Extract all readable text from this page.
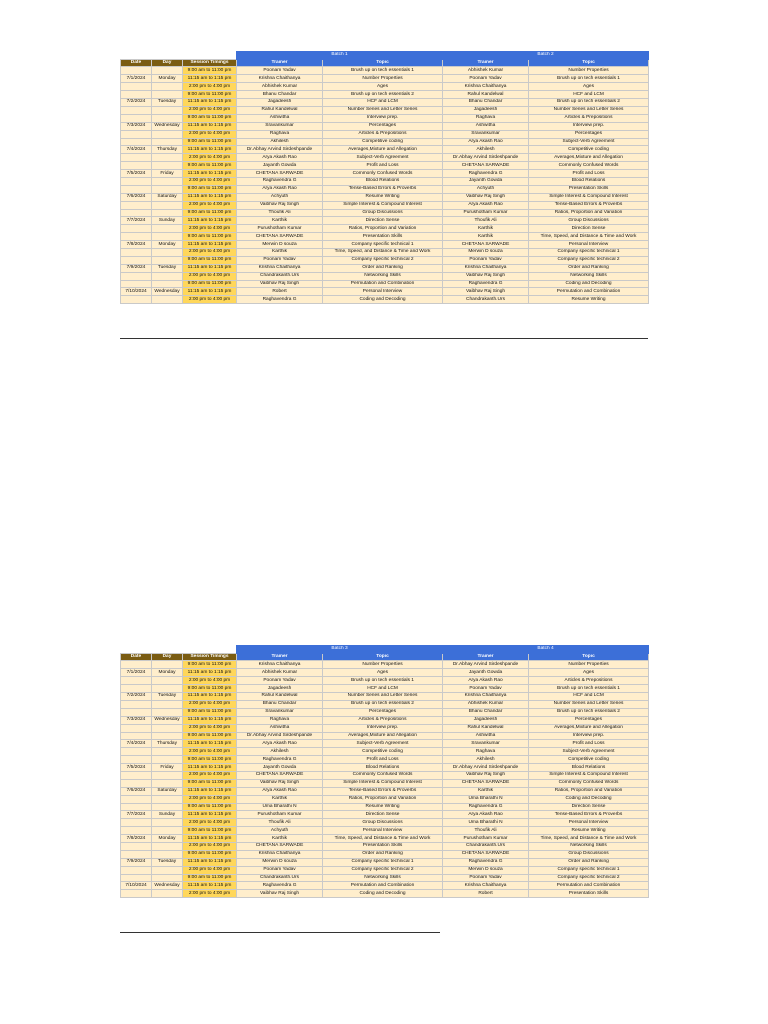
			Batch 1		Batch 2	
Date	Day	Session Timings	Trainer	Topic	Trainer	Topic
		9:00 am to 11:00 pm	Poonam Yadav	Brush up on tech essentials 1	Abhishek Kumar	Number Properties
7/1/2024	Monday	11:15 am to 1:15 pm	Krishna Chaithanya	Number Properties	Poonam Yadav	Brush up on tech essentials 1
		2:00 pm to 4:00 pm	Abhishek Kumar	Ages	Krishna Chaithanya	Ages
		9:00 am to 11:00 pm	Bhanu Chandar	Brush up on tech essentials 2	Rahul Kandelwal	HCF and LCM
7/2/2024	Tuesday	11:15 am to 1:15 pm	Jagadeesh	HCF and LCM	Bhanu Chandar	Brush up on tech essentials 2
		2:00 pm to 4:00 pm	Rahul Kandelwal	Number Series and Letter Series	Jagadeesh	Number Series and Letter Series
		9:00 am to 11:00 pm	Ashwitha	Interview prep.	Raghava	Articles & Prepositions
7/3/2024	Wednesday	11:15 am to 1:15 pm	Sravankumar	Percentages	Ashwitha	Interview prep.
		2:00 pm to 4:00 pm	Raghava	Articles & Prepositions	Sravankumar	Percentages
		9:00 am to 11:00 pm	Akhilesh	Competitive coding	Arya Akash Rao	Subject-Verb Agreement
7/4/2024	Thursday	11:15 am to 1:15 pm	Dr.Abhay Arvind Sirdeshpande	Averages,Mixture and Allegation	Akhilesh	Competitive coding
		2:00 pm to 4:00 pm	Arya Akash Rao	Subject-Verb Agreement	Dr.Abhay Arvind Sirdeshpande	Averages,Mixture and Allegation
		9:00 am to 11:00 pm	Jayanth Gowda	Profit and Loss	CHETANA SARWADE	Commonly Confused Words
7/5/2024	Friday	11:15 am to 1:15 pm	CHETANA SARWADE	Commonly Confused Words	Raghavendra G	Profit and Loss
		2:00 pm to 4:00 pm	Raghavendra G	Blood Relations	Jayanth Gowda	Blood Relations
		9:00 am to 11:00 pm	Arya Akash Rao	Tense-Based Errors & Proverbs	Achyuth	Presentation Skills
7/6/2024	Saturday	11:15 am to 1:15 pm	Achyuth	Resume Writing	Vaibhav Raj Singh	Simple Interest & Compound Interest
		2:00 pm to 4:00 pm	Vaibhav Raj Singh	Simple Interest & Compound Interest	Arya Akash Rao	Tense-Based Errors & Proverbs
		9:00 am to 11:00 pm	Thoufik Ali	Group Discussions	Purushotham Kumar	Ratios, Proportion and Variation
7/7/2024	Sunday	11:15 am to 1:15 pm	Karthik	Direction Sense	Thoufik Ali	Group Discussions
		2:00 pm to 4:00 pm	Purushotham Kumar	Ratios, Proportion and Variation	Karthik	Direction Sense
		9:00 am to 11:00 pm	CHETANA SARWADE	Presentation Skills	Karthik	Time, Speed, and Distance & Time and Work
7/8/2024	Monday	11:15 am to 1:15 pm	Merwin D souza	Company specific technical 1	CHETANA SARWADE	Personal Interview
		2:00 pm to 4:00 pm	Karthik	Time, Speed, and Distance & Time and Work	Merwin D souza	Company specific technical 1
		9:00 am to 11:00 pm	Poonam Yadav	Company specific technical 2	Poonam Yadav	Company specific technical 2
7/9/2024	Tuesday	11:15 am to 1:15 pm	Krishna Chaithanya	Order and Ranking	Krishna Chaithanya	Order and Ranking
		2:00 pm to 4:00 pm	Chandrakanth.Urs	Networking Skills	Vaibhav Raj Singh	Networking Skills
		9:00 am to 11:00 pm	Vaibhav Raj Singh	Permutation and Combination	Raghavendra G	Coding and Decoding
7/10/2024	Wednesday	11:15 am to 1:15 pm	Robert	Personal Interview	Vaibhav Raj Singh	Permutation and Combination
		2:00 pm to 4:00 pm	Raghavendra G	Coding and Decoding	Chandrakanth.Urs	Resume Writing
			Batch 3		Batch 4	
Date	Day	Session Timings	Trainer	Topic	Trainer	Topic
		9:00 am to 11:00 pm	Krishna Chaithanya	Number Properties	Dr.Abhay Arvind Sirdeshpande	Number Properties
7/1/2024	Monday	11:15 am to 1:15 pm	Abhishek Kumar	Ages	Jayanth Gowda	Ages
		2:00 pm to 4:00 pm	Poonam Yadav	Brush up on tech essentials 1	Arya Akash Rao	Articles & Prepositions
		9:00 am to 11:00 pm	Jagadeesh	HCF and LCM	Poonam Yadav	Brush up on tech essentials 1
7/2/2024	Tuesday	11:15 am to 1:15 pm	Rahul Kandelwal	Number Series and Letter Series	Krishna Chaithanya	HCF and LCM
		2:00 pm to 4:00 pm	Bhanu Chandar	Brush up on tech essentials 2	Abhishek Kumar	Number Series and Letter Series
		9:00 am to 11:00 pm	Sravankumar	Percentages	Bhanu Chandar	Brush up on tech essentials 2
7/3/2024	Wednesday	11:15 am to 1:15 pm	Raghava	Articles & Prepositions	Jagadeesh	Percentages
		2:00 pm to 4:00 pm	Ashwitha	Interview prep.	Rahul Kandelwal	Averages,Mixture and Allegation
		9:00 am to 11:00 pm	Dr.Abhay Arvind Sirdeshpande	Averages,Mixture and Allegation	Ashwitha	Interview prep.
7/4/2024	Thursday	11:15 am to 1:15 pm	Arya Akash Rao	Subject-Verb Agreement	Sravankumar	Profit and Loss
		2:00 pm to 4:00 pm	Akhilesh	Competitive coding	Raghava	Subject-Verb Agreement
		9:00 am to 11:00 pm	Raghavendra G	Profit and Loss	Akhilesh	Competitive coding
7/5/2024	Friday	11:15 am to 1:15 pm	Jayanth Gowda	Blood Relations	Dr.Abhay Arvind Sirdeshpande	Blood Relations
		2:00 pm to 4:00 pm	CHETANA SARWADE	Commonly Confused Words	Vaibhav Raj Singh	Simple Interest & Compound Interest
		9:00 am to 11:00 pm	Vaibhav Raj Singh	Simple Interest & Compound Interest	CHETANA SARWADE	Commonly Confused Words
7/6/2024	Saturday	11:15 am to 1:15 pm	Arya Akash Rao	Tense-Based Errors & Proverbs	Karthik	Ratios, Proportion and Variation
		2:00 pm to 4:00 pm	Karthik	Ratios, Proportion and Variation	Uma Bharathi N	Coding and Decoding
		9:00 am to 11:00 pm	Uma Bharathi N	Resume Writing	Raghavendra G	Direction Sense
7/7/2024	Sunday	11:15 am to 1:15 pm	Purushotham Kumar	Direction Sense	Arya Akash Rao	Tense-Based Errors & Proverbs
		2:00 pm to 4:00 pm	Thoufik Ali	Group Discussions	Uma Bharathi N	Personal Interview
		9:00 am to 11:00 pm	Achyuth	Personal Interview	Thoufik Ali	Resume Writing
7/8/2024	Monday	11:15 am to 1:15 pm	Karthik	Time, Speed, and Distance & Time and Work	Purushotham Kumar	Time, Speed, and Distance & Time and Work
		2:00 pm to 4:00 pm	CHETANA SARWADE	Presentation Skills	Chandrakanth.Urs	Networking Skills
		9:00 am to 11:00 pm	Krishna Chaithanya	Order and Ranking	CHETANA SARWADE	Group Discussions
7/9/2024	Tuesday	11:15 am to 1:15 pm	Merwin D souza	Company specific technical 1	Raghavendra G	Order and Ranking
		2:00 pm to 4:00 pm	Poonam Yadav	Company specific technical 2	Merwin D souza	Company specific technical 1
		9:00 am to 11:00 pm	Chandrakanth.Urs	Networking Skills	Poonam Yadav	Company specific technical 2
7/10/2024	Wednesday	11:15 am to 1:15 pm	Raghavendra G	Permutation and Combination	Krishna Chaithanya	Permutation and Combination
		2:00 pm to 4:00 pm	Vaibhav Raj Singh	Coding and Decoding	Robert	Presentation Skills
